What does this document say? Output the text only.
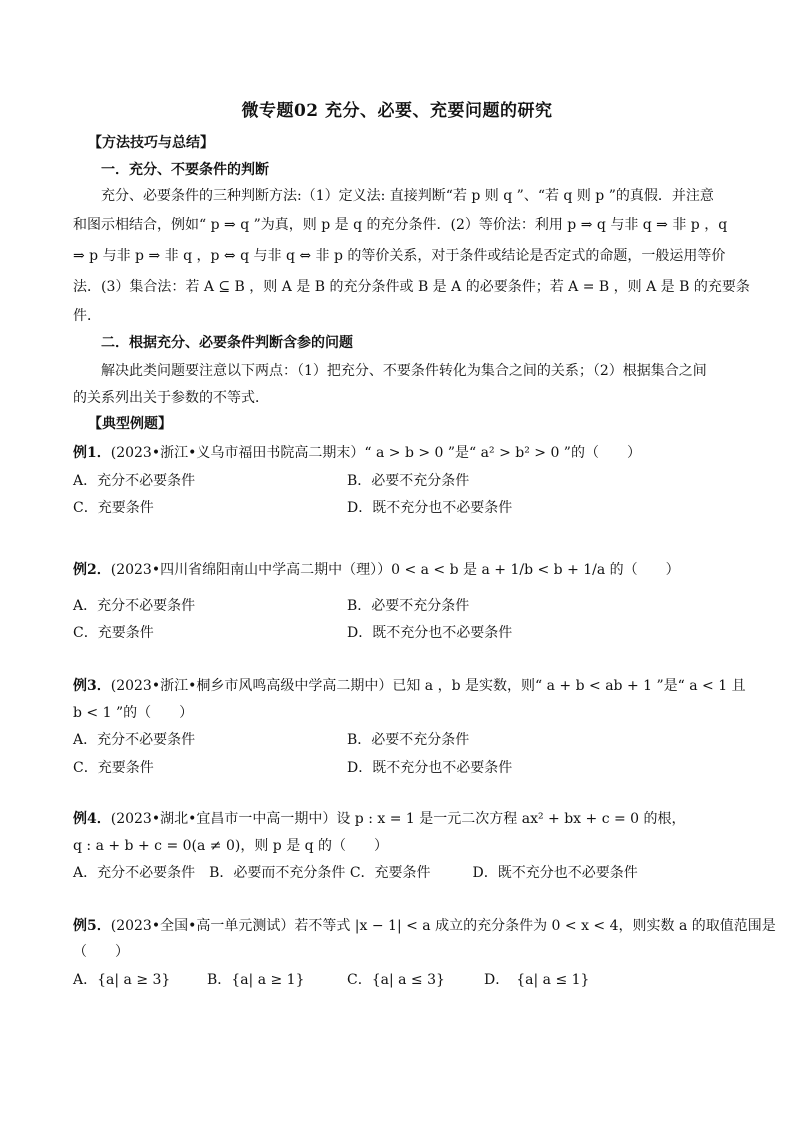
微专题02 充分、必要、充要问题的研究
【方法技巧与总结】
一．充分、不要条件的判断
充分、必要条件的三种判断方法:（1）定义法: 直接判断“若 p 则 q ”、“若 q 则 p ”的真假．并注意
和图示相结合，例如“ p ⇒ q ”为真，则 p 是 q 的充分条件．(2）等价法：利用 p ⇒ q 与非 q ⇒ 非 p ，q
⇒ p 与非 p ⇒ 非 q ，p ⇔ q 与非 q ⇔ 非 p 的等价关系，对于条件或结论是否定式的命题，一般运用等价
法．(3）集合法：若 A ⊆ B ，则 A 是 B 的充分条件或 B 是 A 的必要条件；若 A = B ，则 A 是 B 的充要条
件．
二．根据充分、必要条件判断含参的问题
解决此类问题要注意以下两点：（1）把充分、不要条件转化为集合之间的关系；（2）根据集合之间
的关系列出关于参数的不等式．
【典型例题】
例1．(2023•浙江•义乌市福田书院高二期末）“ a > b > 0 ”是“ a² > b² > 0 ”的（　　）
A．充分不必要条件	B．必要不充分条件
C．充要条件	D．既不充分也不必要条件
例2．(2023•四川省绵阳南山中学高二期中（理））0 < a < b 是 a + 1/b < b + 1/a 的（　　）
A．充分不必要条件	B．必要不充分条件
C．充要条件	D．既不充分也不必要条件
例3．(2023•浙江•桐乡市风鸣高级中学高二期中）已知 a ，b 是实数，则“ a + b < ab + 1 ”是“ a < 1 且
b < 1 ”的（　　）
A．充分不必要条件	B．必要不充分条件
C．充要条件	D．既不充分也不必要条件
例4．(2023•湖北•宜昌市一中高一期中）设 p : x = 1 是一元二次方程 ax² + bx + c = 0 的根，
q : a + b + c = 0(a ≠ 0)，则 p 是 q 的（　　）
A．充分不必要条件　B．必要而不充分条件 C．充要条件　　　D．既不充分也不必要条件
例5．(2023•全国•高一单元测试）若不等式 |x − 1| < a 成立的充分条件为 0 < x < 4，则实数 a 的取值范围是
（　　）
A．{a| a ≥ 3}	B．{a| a ≥ 1}	C．{a| a ≤ 3}	D．　{a| a ≤ 1}
